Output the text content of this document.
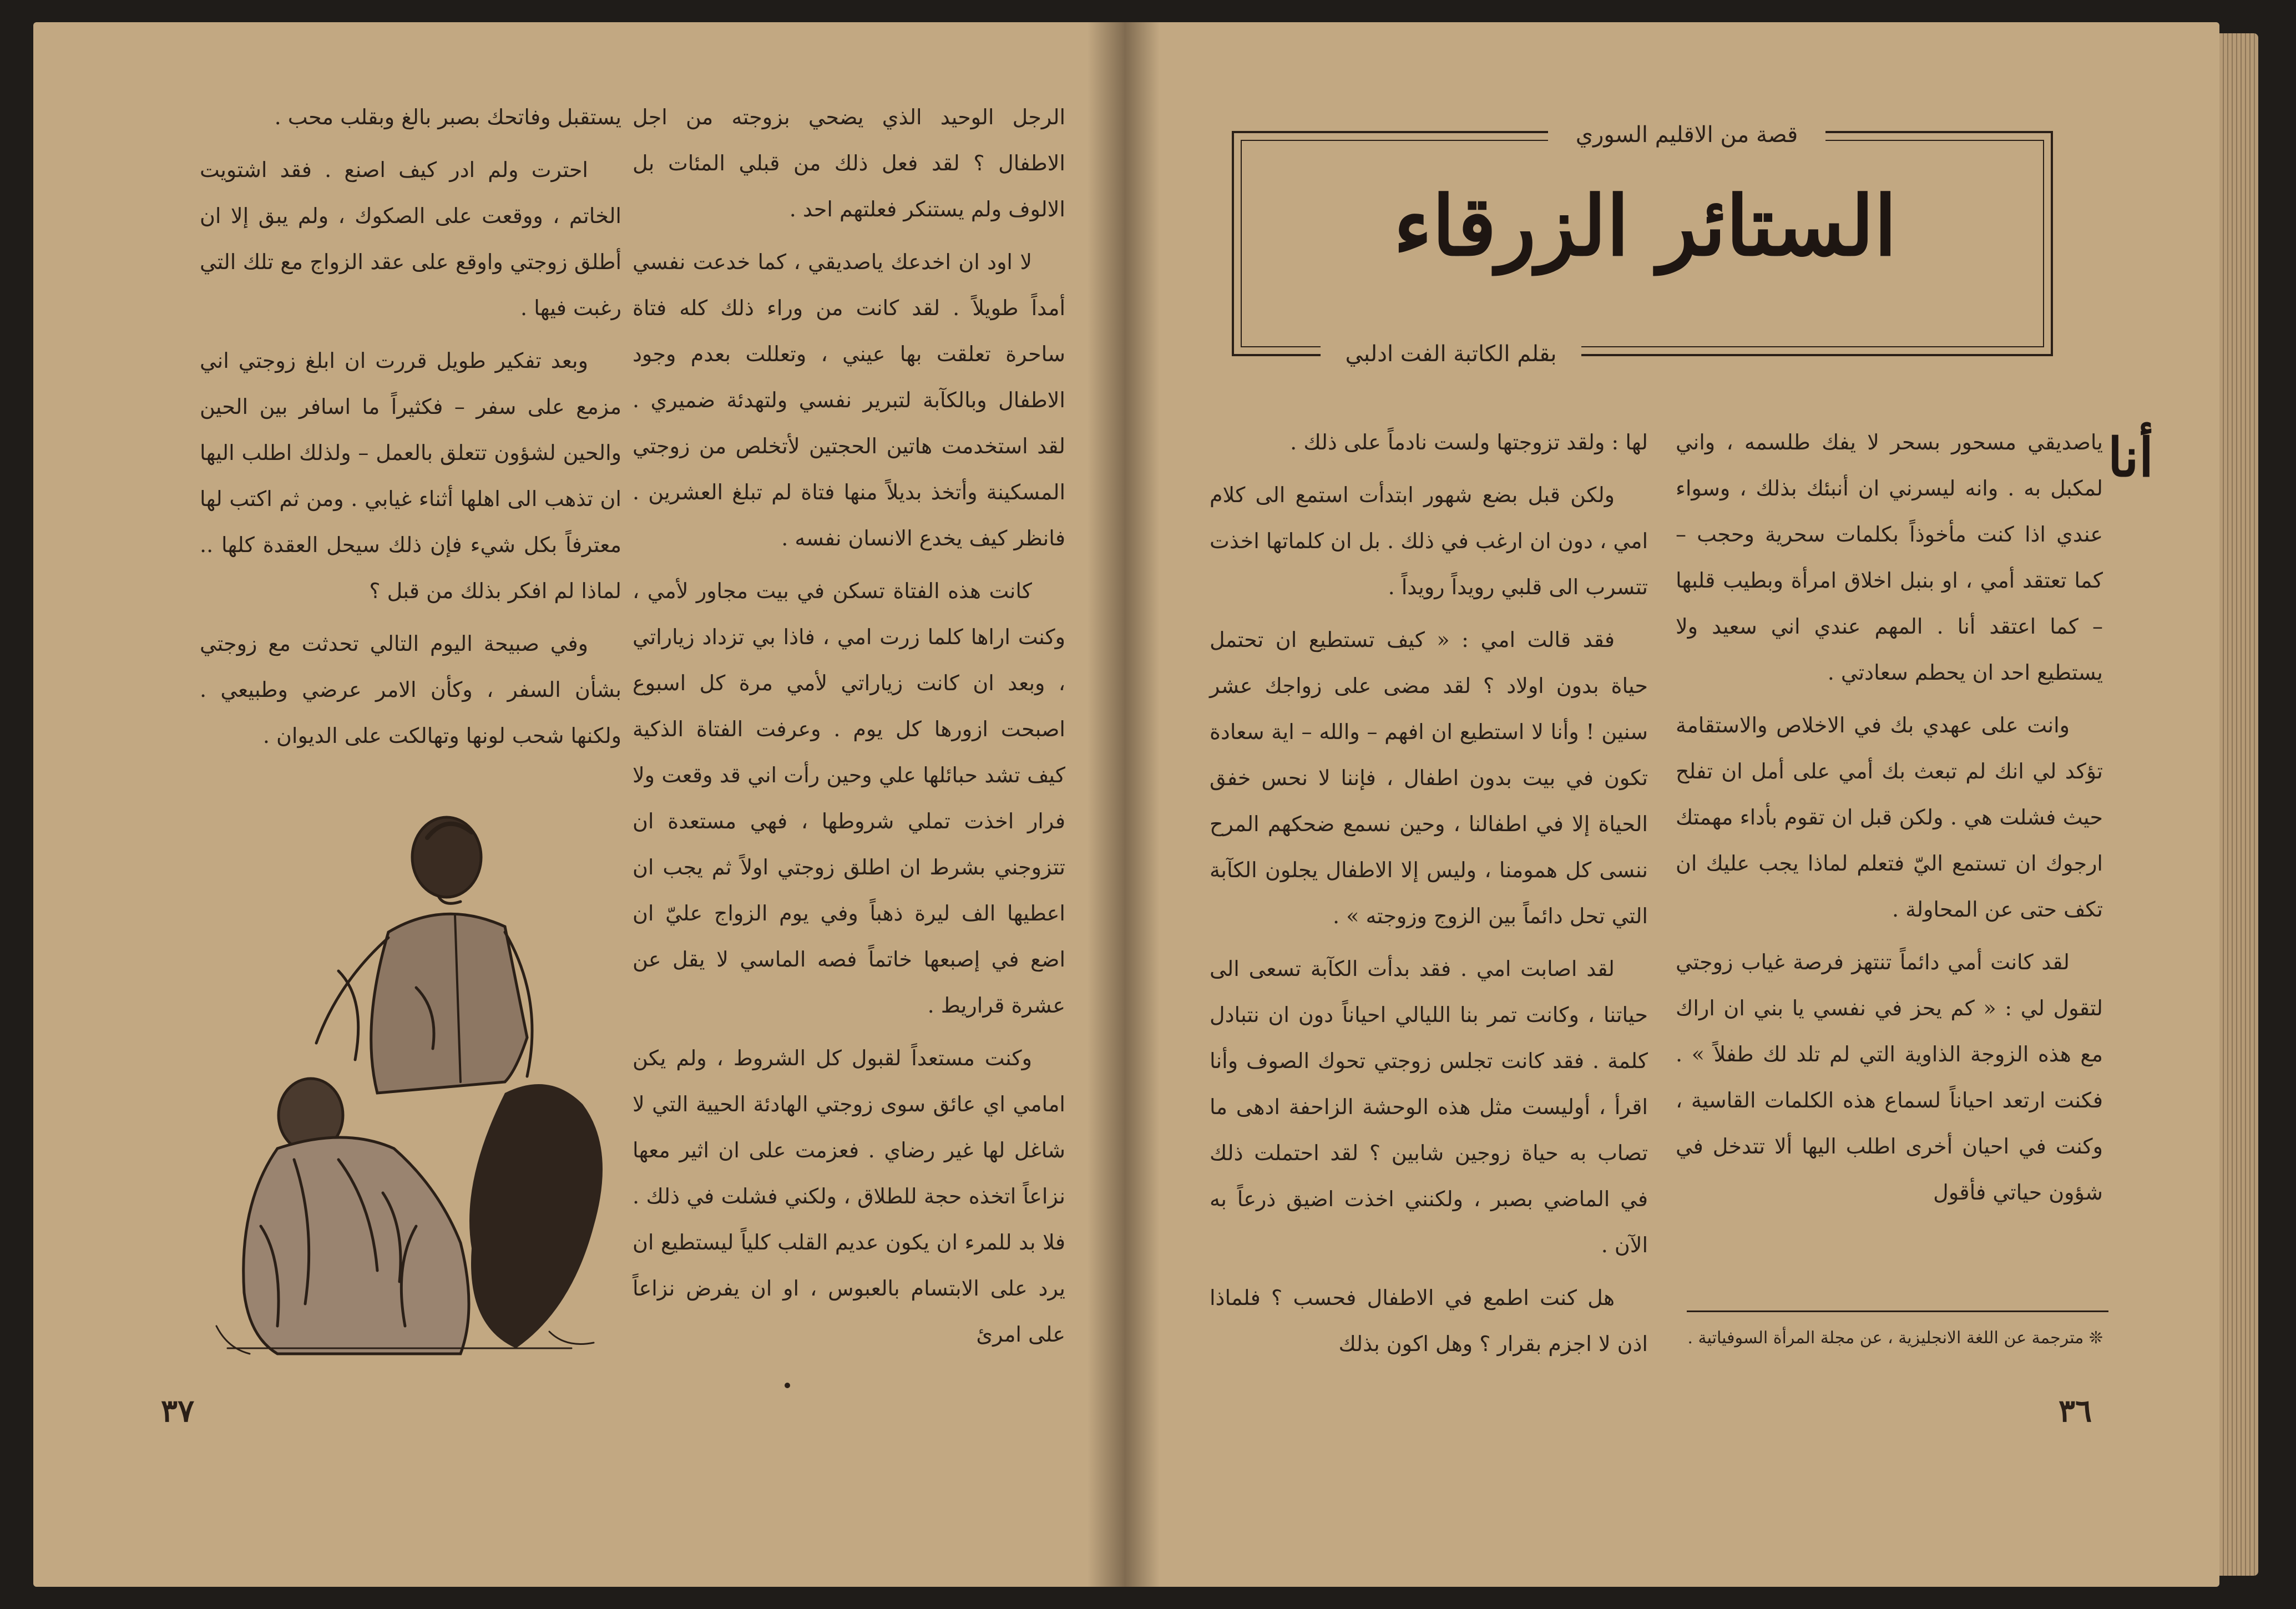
يستقبل وفاتحك بصبر بالغ وبقلب محب .

احترت ولم ادر كيف اصنع . فقد اشتويت الخاتم ، ووقعت على الصكوك ، ولم يبق إلا ان أطلق زوجتي واوقع على عقد الزواج مع تلك التي رغبت فيها .

وبعد تفكير طويل قررت ان ابلغ زوجتي اني مزمع على سفر – فكثيراً ما اسافر بين الحين والحين لشؤون تتعلق بالعمل – ولذلك اطلب اليها ان تذهب الى اهلها أثناء غيابي . ومن ثم اكتب لها معترفاً بكل شيء فإن ذلك سيحل العقدة كلها .. لماذا لم افكر بذلك من قبل ؟

وفي صبيحة اليوم التالي تحدثت مع زوجتي بشأن السفر ، وكأن الامر عرضي وطبيعي . ولكنها شحب لونها وتهالكت على الديوان .

الرجل الوحيد الذي يضحي بزوجته من اجل الاطفال ؟ لقد فعل ذلك من قبلي المئات بل الالوف ولم يستنكر فعلتهم احد .

لا اود ان اخدعك ياصديقي ، كما خدعت نفسي أمداً طويلاً . لقد كانت من وراء ذلك كله فتاة ساحرة تعلقت بها عيني ، وتعللت بعدم وجود الاطفال وبالكآبة لتبرير نفسي ولتهدئة ضميري . لقد استخدمت هاتين الحجتين لأتخلص من زوجتي المسكينة وأتخذ بديلاً منها فتاة لم تبلغ العشرين . فانظر كيف يخدع الانسان نفسه .

كانت هذه الفتاة تسكن في بيت مجاور لأمي ، وكنت اراها كلما زرت امي ، فاذا بي تزداد زياراتي ، وبعد ان كانت زياراتي لأمي مرة كل اسبوع اصبحت ازورها كل يوم . وعرفت الفتاة الذكية كيف تشد حبائلها علي وحين رأت اني قد وقعت ولا فرار اخذت تملي شروطها ، فهي مستعدة ان تتزوجني بشرط ان اطلق زوجتي اولاً ثم يجب ان اعطيها الف ليرة ذهباً وفي يوم الزواج عليّ ان اضع في إصبعها خاتماً فصه الماسي لا يقل عن عشرة قراريط .

وكنت مستعداً لقبول كل الشروط ، ولم يكن امامي اي عائق سوى زوجتي الهادئة الحيية التي لا شاغل لها غير رضاي . فعزمت على ان اثير معها نزاعاً اتخذه حجة للطلاق ، ولكني فشلت في ذلك . فلا بد للمرء ان يكون عديم القلب كلياً ليستطيع ان يرد على الابتسام بالعبوس ، او ان يفرض نزاعاً على امرئ

٣٧
قصة من الاقليم السوري
الستائر الزرقاء
بقلم الكاتبة الفت ادلبي
أنا

ياصديقي مسحور بسحر لا يفك طلسمه ، واني لمكبل به . وانه ليسرني ان أنبئك بذلك ، وسواء عندي اذا كنت مأخوذاً بكلمات سحرية وحجب – كما تعتقد أمي ، او بنبل اخلاق امرأة وبطيب قلبها – كما اعتقد أنا . المهم عندي اني سعيد ولا يستطيع احد ان يحطم سعادتي .

وانت على عهدي بك في الاخلاص والاستقامة تؤكد لي انك لم تبعث بك أمي على أمل ان تفلح حيث فشلت هي . ولكن قبل ان تقوم بأداء مهمتك ارجوك ان تستمع اليّ فتعلم لماذا يجب عليك ان تكف حتى عن المحاولة .

لقد كانت أمي دائماً تنتهز فرصة غياب زوجتي لتقول لي : « كم يحز في نفسي يا بني ان اراك مع هذه الزوجة الذاوية التي لم تلد لك طفلاً » . فكنت ارتعد احياناً لسماع هذه الكلمات القاسية ، وكنت في احيان أخرى اطلب اليها ألا تتدخل في شؤون حياتي فأقول

لها : ولقد تزوجتها ولست نادماً على ذلك .

ولكن قبل بضع شهور ابتدأت استمع الى كلام امي ، دون ان ارغب في ذلك . بل ان كلماتها اخذت تتسرب الى قلبي رويداً رويداً .

فقد قالت امي : « كيف تستطيع ان تحتمل حياة بدون اولاد ؟ لقد مضى على زواجك عشر سنين ! وأنا لا استطيع ان افهم – والله – اية سعادة تكون في بيت بدون اطفال ، فإننا لا نحس خفق الحياة إلا في اطفالنا ، وحين نسمع ضحكهم المرح ننسى كل همومنا ، وليس إلا الاطفال يجلون الكآبة التي تحل دائماً بين الزوج وزوجته » .

لقد اصابت امي . فقد بدأت الكآبة تسعى الى حياتنا ، وكانت تمر بنا الليالي احياناً دون ان نتبادل كلمة . فقد كانت تجلس زوجتي تحوك الصوف وأنا اقرأ ، أوليست مثل هذه الوحشة الزاحفة ادهى ما تصاب به حياة زوجين شابين ؟ لقد احتملت ذلك في الماضي بصبر ، ولكنني اخذت اضيق ذرعاً به الآن .

هل كنت اطمع في الاطفال فحسب ؟ فلماذا اذن لا اجزم بقرار ؟ وهل اكون بذلك	❊ مترجمة عن اللغة الانجليزية ، عن مجلة المرأة السوفياتية .
٣٦
